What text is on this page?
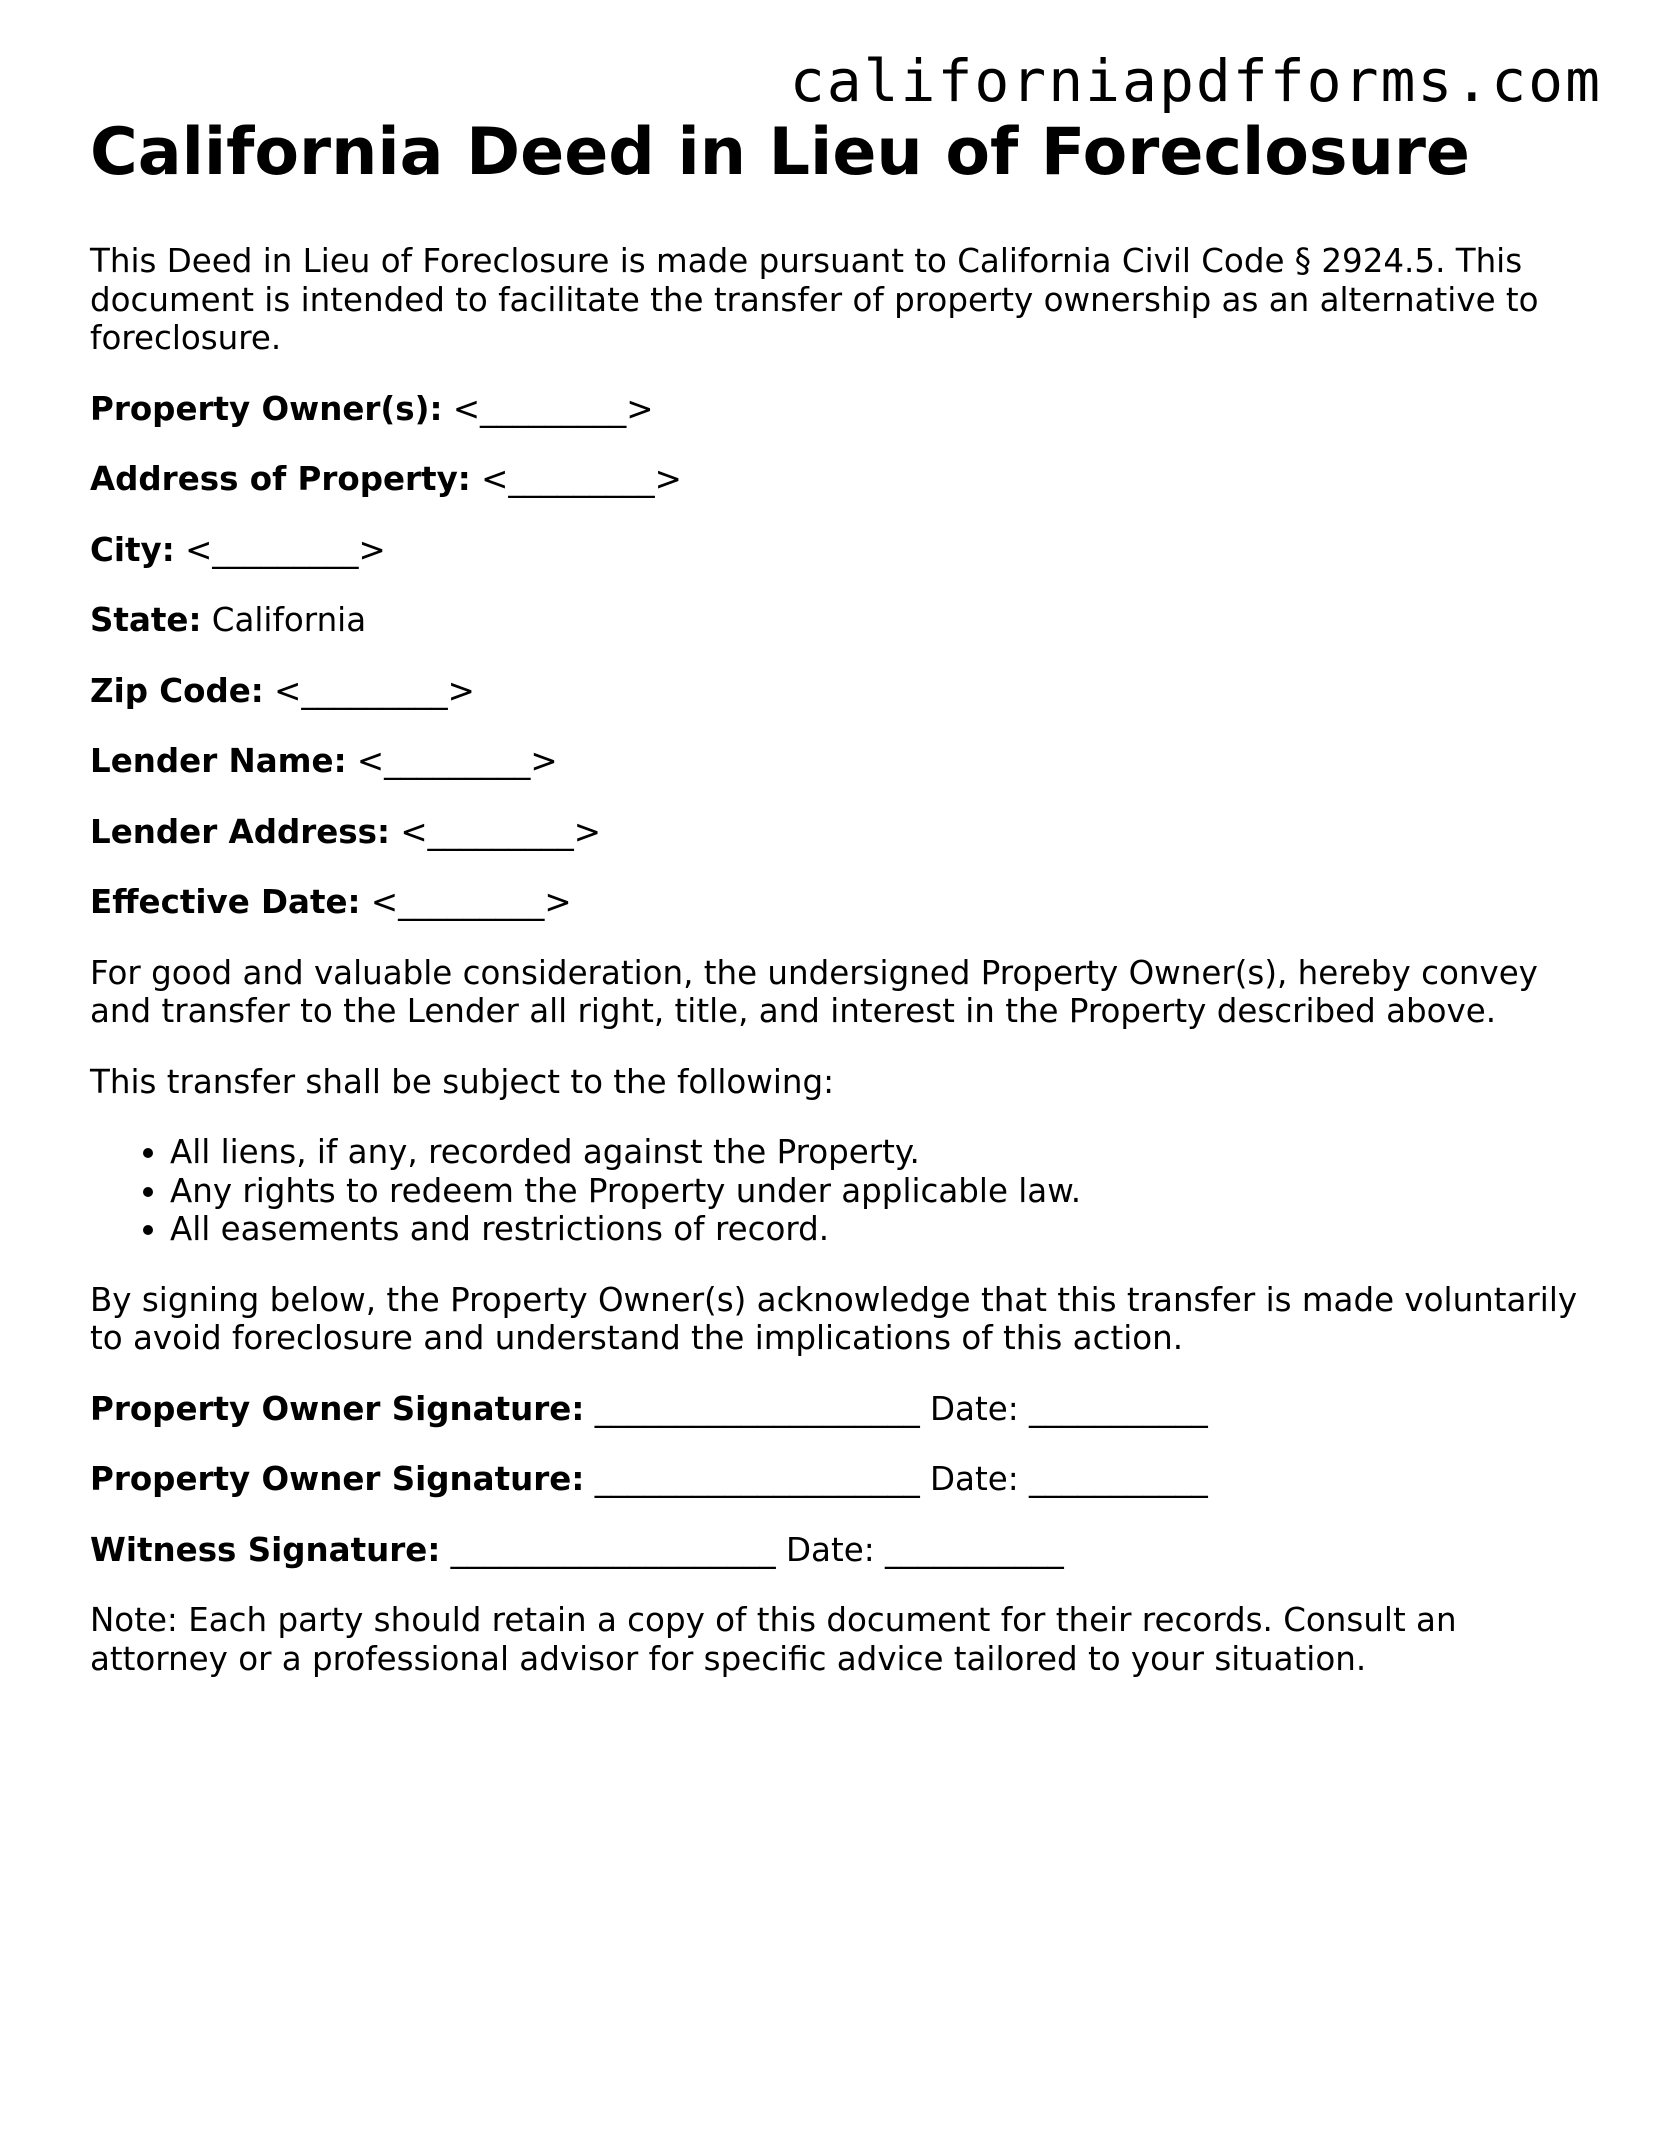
californiapdfforms.com
California Deed in Lieu of Foreclosure

This Deed in Lieu of Foreclosure is made pursuant to California Civil Code § 2924.5. This document is intended to facilitate the transfer of property ownership as an alternative to foreclosure.

Property Owner(s): <_________>

Address of Property: <_________>

City: <_________>

State: California

Zip Code: <_________>

Lender Name: <_________>

Lender Address: <_________>

Effective Date: <_________>

For good and valuable consideration, the undersigned Property Owner(s), hereby convey and transfer to the Lender all right, title, and interest in the Property described above.

This transfer shall be subject to the following:

• All liens, if any, recorded against the Property.
• Any rights to redeem the Property under applicable law.
• All easements and restrictions of record.

By signing below, the Property Owner(s) acknowledge that this transfer is made voluntarily to avoid foreclosure and understand the implications of this action.

Property Owner Signature: ____________________ Date: ___________

Property Owner Signature: ____________________ Date: ___________

Witness Signature: ____________________ Date: ___________

Note: Each party should retain a copy of this document for their records. Consult an attorney or a professional advisor for specific advice tailored to your situation.
